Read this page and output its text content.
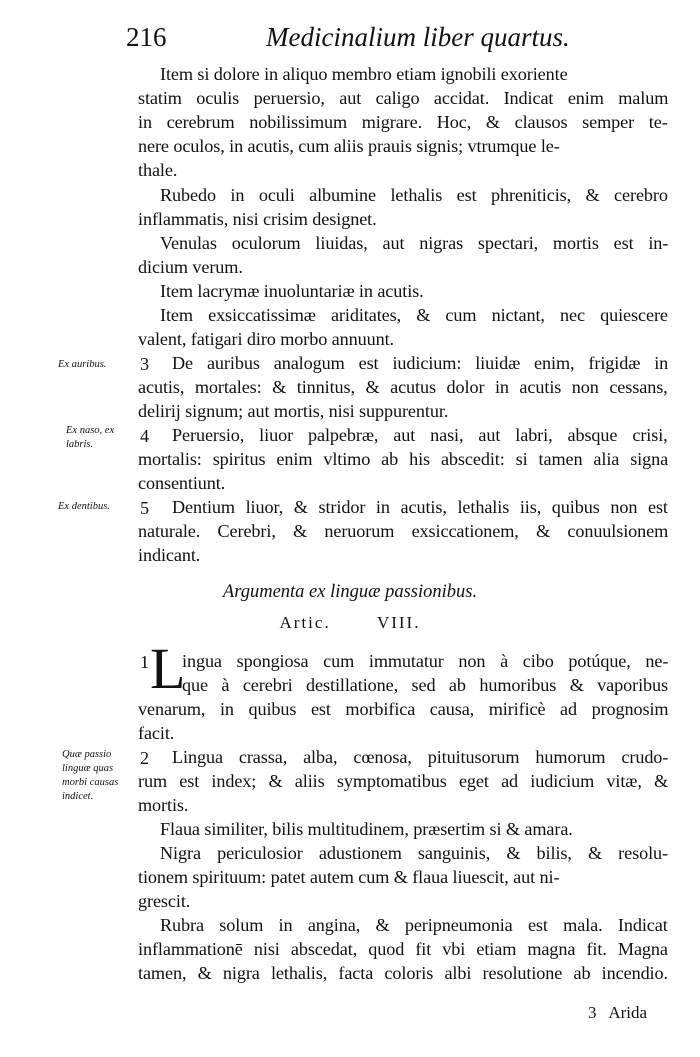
216	Medicinalium liber quartus.
Item si dolore in aliquo membro etiam ignobili exoriente
statim oculis peruersio, aut caligo accidat. Indicat enim malum
in cerebrum nobilissimum migrare. Hoc, & clausos semper te-
nere oculos, in acutis, cum aliis prauis signis; vtrumque le-
thale.
Rubedo in oculi albumine lethalis est phreniticis, & cerebro
inflammatis, nisi crisim designet.
Venulas oculorum liuidas, aut nigras spectari, mortis est in-
dicium verum.
Item lacrymæ inuoluntariæ in acutis.
Item exsiccatissimæ ariditates, & cum nictant, nec quiescere
valent, fatigari diro morbo annuunt.
3 De auribus analogum est iudicium: liuidæ enim, frigidæ in
acutis, mortales: & tinnitus, & acutus dolor in acutis non cessans,
delirij signum; aut mortis, nisi suppurentur.
4 Peruersio, liuor palpebræ, aut nasi, aut labri, absque crisi,
mortalis: spiritus enim vltimo ab his abscedit: si tamen alia signa
consentiunt.
5 Dentium liuor, & stridor in acutis, lethalis iis, quibus non est
naturale. Cerebri, & neruorum exsiccationem, & conuulsionem
indicant.
Ex auribus.
Ex naso, ex
labris.
Ex dentibus.
Quæ passio
linguæ quas
morbi causas
indicet.
Argumenta ex linguæ passionibus.
Artic.	VIII.
1 L
ingua spongiosa cum immutatur non à cibo potúque, ne-
que à cerebri destillatione, sed ab humoribus & vaporibus
venarum, in quibus est morbifica causa, mirificè ad prognosim
facit.
2 Lingua crassa, alba, cœnosa, pituitusorum humorum crudo-
rum est index; & aliis symptomatibus eget ad iudicium vitæ, &
mortis.
Flaua similiter, bilis multitudinem, præsertim si & amara.
Nigra periculosior adustionem sanguinis, & bilis, & resolu-
tionem spirituum: patet autem cum & flaua liuescit, aut ni-
grescit.
Rubra solum in angina, & peripneumonia est mala. Indicat
inflammationē nisi abscedat, quod fit vbi etiam magna fit. Magna
tamen, & nigra lethalis, facta coloris albi resolutione ab incendio.
3 Arida
